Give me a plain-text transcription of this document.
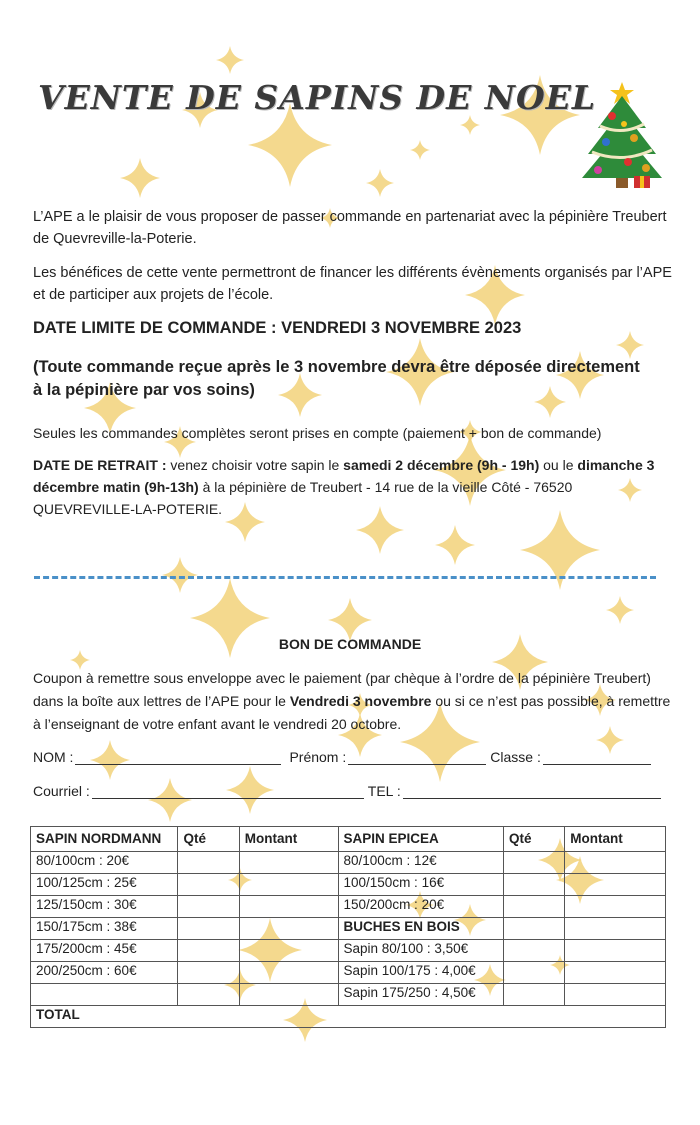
VENTE DE SAPINS DE NOEL

L’APE a le plaisir de vous proposer de passer commande en partenariat avec la pépinière Treubert de Quevreville-la-Poterie.

Les bénéfices de cette vente permettront de financer les différents évènements organisés par l’APE et de participer aux projets de l’école.

DATE LIMITE DE COMMANDE : VENDREDI 3 NOVEMBRE 2023

(Toute commande reçue après le 3 novembre devra être déposée directement à la pépinière par vos soins)

Seules les commandes complètes seront prises en compte (paiement + bon de commande)

DATE DE RETRAIT : venez choisir votre sapin le samedi 2 décembre (9h - 19h) ou le dimanche 3 décembre matin (9h-13h) à la pépinière de Treubert - 14 rue de la vieille Côté - 76520 QUEVREVILLE-LA-POTERIE.

BON DE COMMANDE

Coupon à remettre sous enveloppe avec le paiement (par chèque à l’ordre de la pépinière Treubert) dans la boîte aux lettres de l’APE pour le Vendredi 3 novembre ou si ce n’est pas possible, à remettre à l’enseignant de votre enfant avant le vendredi 20 octobre.

NOM :	Prénom :	Classe :
Courriel :	TEL :
SAPIN NORDMANN	Qté	Montant	SAPIN EPICEA	Qté	Montant
80/100cm : 20€			80/100cm : 12€		
100/125cm : 25€			100/150cm : 16€		
125/150cm : 30€			150/200cm : 20€		
150/175cm : 38€			BUCHES EN BOIS		
175/200cm : 45€			Sapin 80/100 : 3,50€		
200/250cm : 60€			Sapin 100/175 : 4,00€		
			Sapin 175/250 : 4,50€		
TOTAL					
